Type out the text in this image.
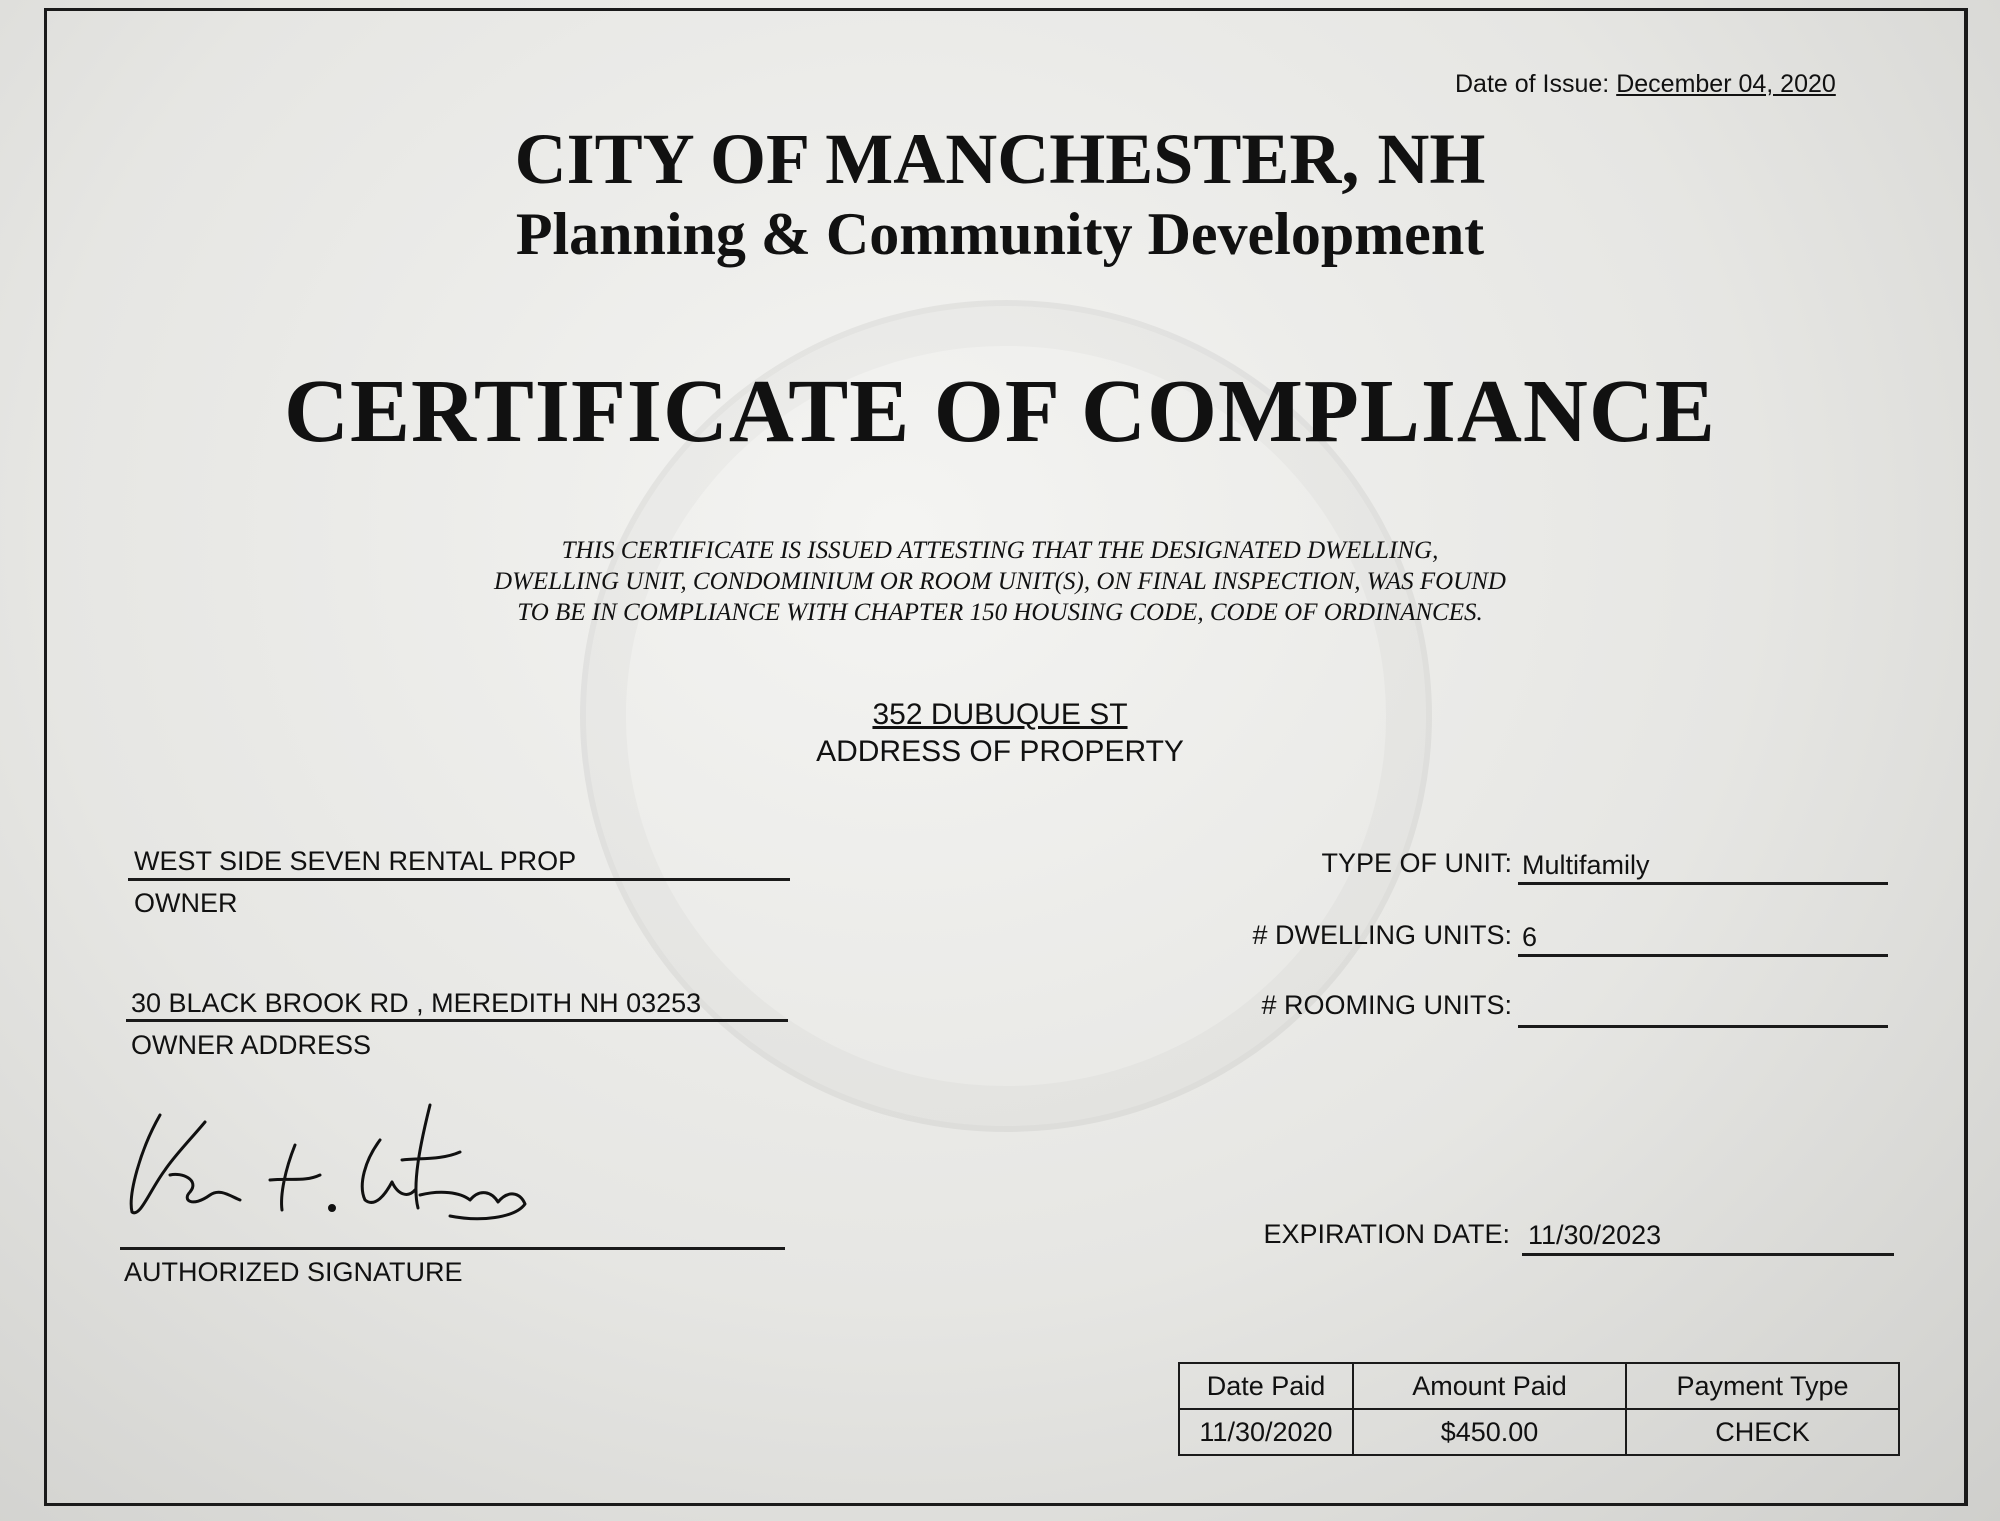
Date of Issue: December 04, 2020
CITY OF MANCHESTER, NH
Planning & Community Development
CERTIFICATE OF COMPLIANCE
THIS CERTIFICATE IS ISSUED ATTESTING THAT THE DESIGNATED DWELLING,
DWELLING UNIT, CONDOMINIUM OR ROOM UNIT(S), ON FINAL INSPECTION, WAS FOUND
TO BE IN COMPLIANCE WITH CHAPTER 150 HOUSING CODE, CODE OF ORDINANCES.
352 DUBUQUE ST
ADDRESS OF PROPERTY
WEST SIDE SEVEN RENTAL PROP
OWNER
30 BLACK BROOK RD , MEREDITH NH 03253
OWNER ADDRESS
TYPE OF UNIT: Multifamily
# DWELLING UNITS: 6
# ROOMING UNITS:
AUTHORIZED SIGNATURE
EXPIRATION DATE: 11/30/2023
Date Paid	Amount Paid	Payment Type
11/30/2020	$450.00	CHECK
